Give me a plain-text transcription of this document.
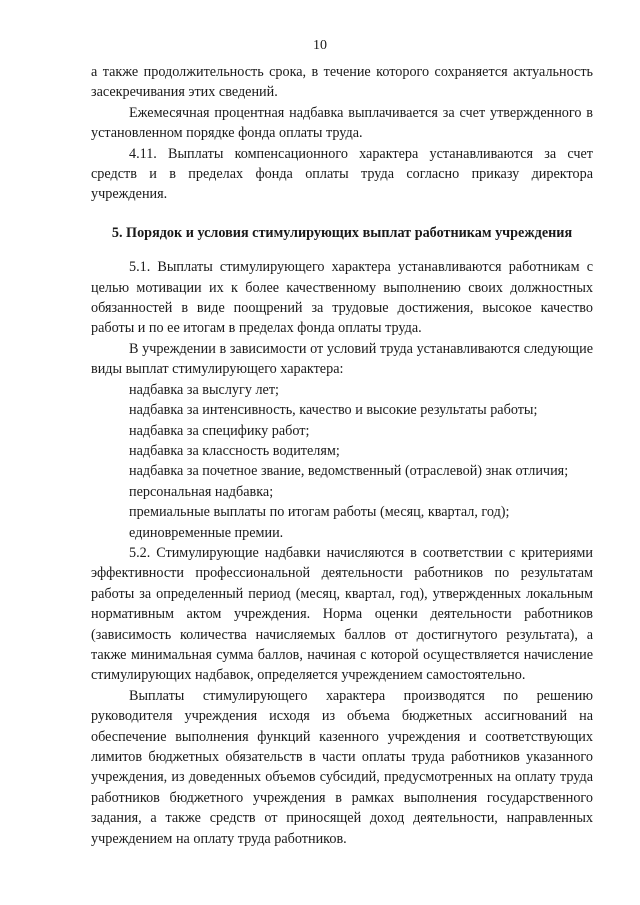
10

а также продолжительность срока, в течение которого сохраняется актуальность засекречивания этих сведений.

Ежемесячная процентная надбавка выплачивается за счет утвержденного в установленном порядке фонда оплаты труда.

4.11. Выплаты компенсационного характера устанавливаются за счет средств и в пределах фонда оплаты труда согласно приказу директора учреждения.

5. Порядок и условия стимулирующих выплат работникам учреждения

5.1. Выплаты стимулирующего характера устанавливаются работникам с целью мотивации их к более качественному выполнению своих должностных обязанностей в виде поощрений за трудовые достижения, высокое качество работы и по ее итогам в пределах фонда оплаты труда.

В учреждении в зависимости от условий труда устанавливаются следующие виды выплат стимулирующего характера:

надбавка за выслугу лет;

надбавка за интенсивность, качество и высокие результаты работы;

надбавка за специфику работ;

надбавка за классность водителям;

надбавка за почетное звание, ведомственный (отраслевой) знак отличия;

персональная надбавка;

премиальные выплаты по итогам работы (месяц, квартал, год);

единовременные премии.

5.2. Стимулирующие надбавки начисляются в соответствии с критериями эффективности профессиональной деятельности работников по результатам работы за определенный период (месяц, квартал, год), утвержденных локальным нормативным актом учреждения. Норма оценки деятельности работников (зависимость количества начисляемых баллов от достигнутого результата), а также минимальная сумма баллов, начиная с которой осуществляется начисление стимулирующих надбавок, определяется учреждением самостоятельно.

Выплаты стимулирующего характера производятся по решению руководителя учреждения исходя из объема бюджетных ассигнований на обеспечение выполнения функций казенного учреждения и соответствующих лимитов бюджетных обязательств в части оплаты труда работников указанного учреждения, из доведенных объемов субсидий, предусмотренных на оплату труда работников бюджетного учреждения в рамках выполнения государственного задания, а также средств от приносящей доход деятельности, направленных учреждением на оплату труда работников.
